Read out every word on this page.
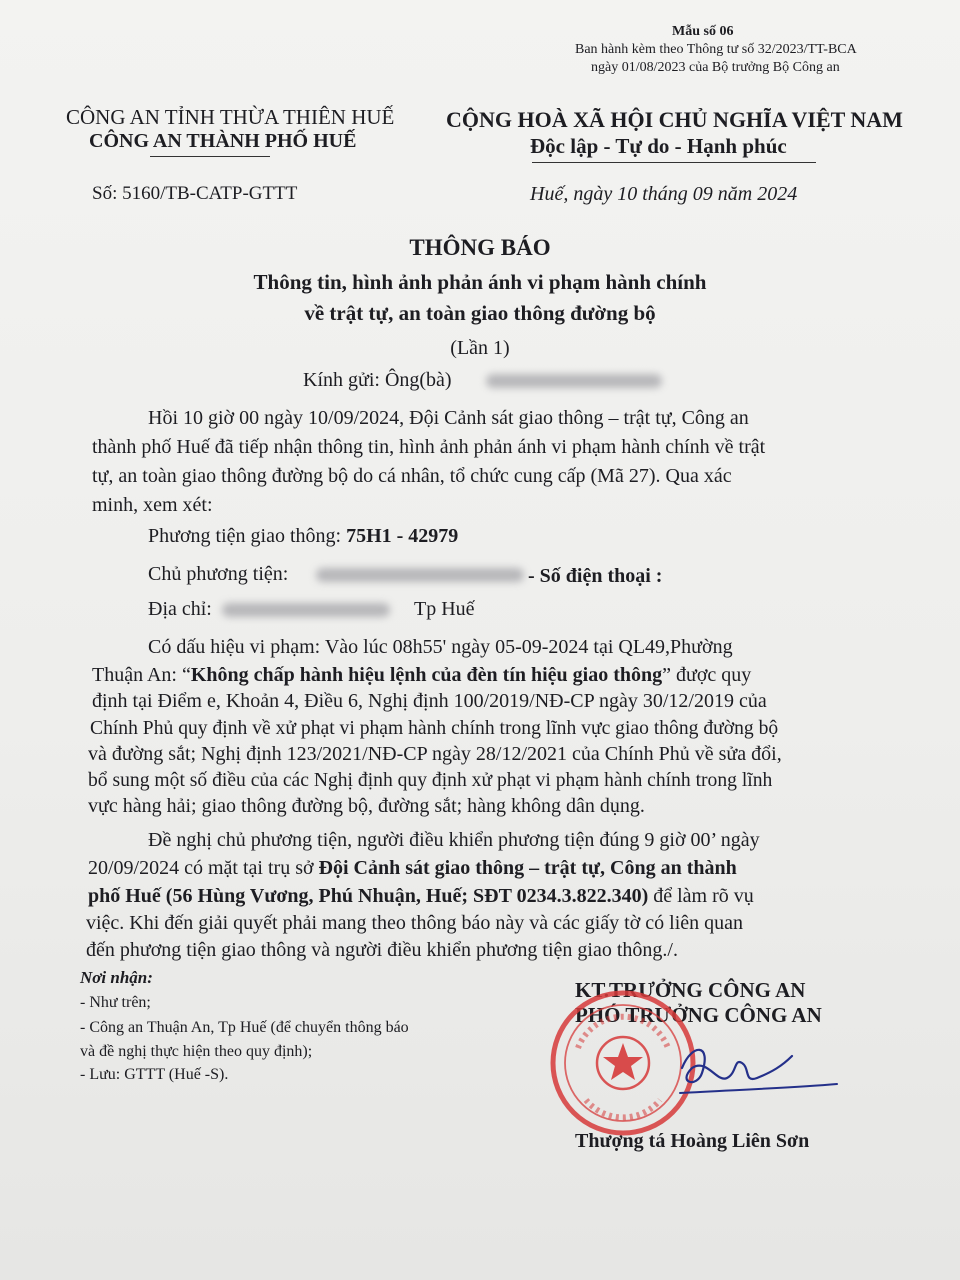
Mẫu số 06
Ban hành kèm theo Thông tư số 32/2023/TT-BCA
ngày 01/08/2023 của Bộ trưởng Bộ Công an
CÔNG AN TỈNH THỪA THIÊN HUẾ
CÔNG AN THÀNH PHỐ HUẾ
CỘNG HOÀ XÃ HỘI CHỦ NGHĨA VIỆT NAM
Độc lập - Tự do - Hạnh phúc
Số: 5160/TB-CATP-GTTT	Huế, ngày 10 tháng 09 năm 2024
THÔNG BÁO
Thông tin, hình ảnh phản ánh vi phạm hành chính
về trật tự, an toàn giao thông đường bộ
(Lần 1)
Kính gửi: Ông(bà)
Hồi 10 giờ 00 ngày 10/09/2024, Đội Cảnh sát giao thông – trật tự, Công an
thành phố Huế đã tiếp nhận thông tin, hình ảnh phản ánh vi phạm hành chính về trật
tự, an toàn giao thông đường bộ do cá nhân, tổ chức cung cấp (Mã 27). Qua xác
minh, xem xét:
Phương tiện giao thông: 75H1 - 42979
Chủ phương tiện:	- Số điện thoại :
Địa chỉ:	Tp Huế
Có dấu hiệu vi phạm: Vào lúc 08h55' ngày 05-09-2024 tại QL49,Phường
Thuận An: “Không chấp hành hiệu lệnh của đèn tín hiệu giao thông” được quy
định tại Điểm e, Khoản 4, Điều 6, Nghị định 100/2019/NĐ-CP ngày 30/12/2019 của
Chính Phủ quy định về xử phạt vi phạm hành chính trong lĩnh vực giao thông đường bộ
và đường sắt; Nghị định 123/2021/NĐ-CP ngày 28/12/2021 của Chính Phủ về sửa đổi,
bổ sung một số điều của các Nghị định quy định xử phạt vi phạm hành chính trong lĩnh
vực hàng hải; giao thông đường bộ, đường sắt; hàng không dân dụng.
Đề nghị chủ phương tiện, người điều khiển phương tiện đúng 9 giờ 00’ ngày
20/09/2024 có mặt tại trụ sở Đội Cảnh sát giao thông – trật tự, Công an thành
phố Huế (56 Hùng Vương, Phú Nhuận, Huế; SĐT 0234.3.822.340) để làm rõ vụ
việc. Khi đến giải quyết phải mang theo thông báo này và các giấy tờ có liên quan
đến phương tiện giao thông và người điều khiển phương tiện giao thông./.
Nơi nhận:
- Như trên;
- Công an Thuận An, Tp Huế (để chuyển thông báo
và đề nghị thực hiện theo quy định);
- Lưu: GTTT (Huế -S).
KT.TRƯỞNG CÔNG AN
PHÓ TRƯỞNG CÔNG AN
Thượng tá Hoàng Liên Sơn
